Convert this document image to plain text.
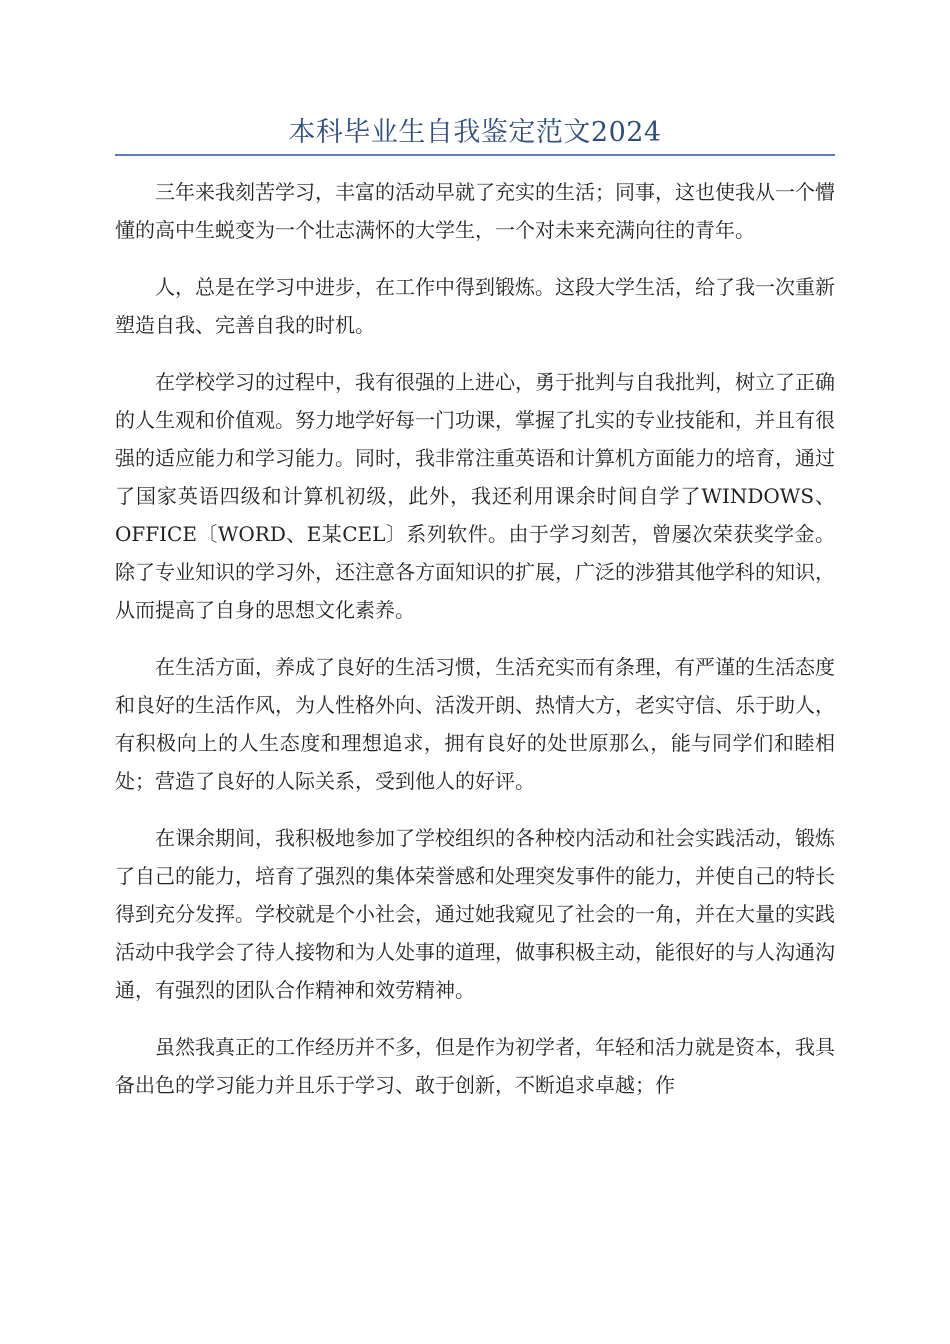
本科毕业生自我鉴定范文2024

三年来我刻苦学习，丰富的活动早就了充实的生活；同事，这也使我从一个懵懂的高中生蜕变为一个壮志满怀的大学生，一个对未来充满向往的青年。

人，总是在学习中进步，在工作中得到锻炼。这段大学生活，给了我一次重新塑造自我、完善自我的时机。

在学校学习的过程中，我有很强的上进心，勇于批判与自我批判，树立了正确的人生观和价值观。努力地学好每一门功课，掌握了扎实的专业技能和，并且有很强的适应能力和学习能力。同时，我非常注重英语和计算机方面能力的培育，通过了国家英语四级和计算机初级，此外，我还利用课余时间自学了WINDOWS、OFFICE〔WORD、E某CEL〕系列软件。由于学习刻苦，曾屡次荣获奖学金。除了专业知识的学习外，还注意各方面知识的扩展，广泛的涉猎其他学科的知识，从而提高了自身的思想文化素养。

在生活方面，养成了良好的生活习惯，生活充实而有条理，有严谨的生活态度和良好的生活作风，为人性格外向、活泼开朗、热情大方，老实守信、乐于助人，有积极向上的人生态度和理想追求，拥有良好的处世原那么，能与同学们和睦相处；营造了良好的人际关系，受到他人的好评。

在课余期间，我积极地参加了学校组织的各种校内活动和社会实践活动，锻炼了自己的能力，培育了强烈的集体荣誉感和处理突发事件的能力，并使自己的特长得到充分发挥。学校就是个小社会，通过她我窥见了社会的一角，并在大量的实践活动中我学会了待人接物和为人处事的道理，做事积极主动，能很好的与人沟通沟通，有强烈的团队合作精神和效劳精神。

虽然我真正的工作经历并不多，但是作为初学者，年轻和活力就是资本，我具备出色的学习能力并且乐于学习、敢于创新，不断追求卓越；作
